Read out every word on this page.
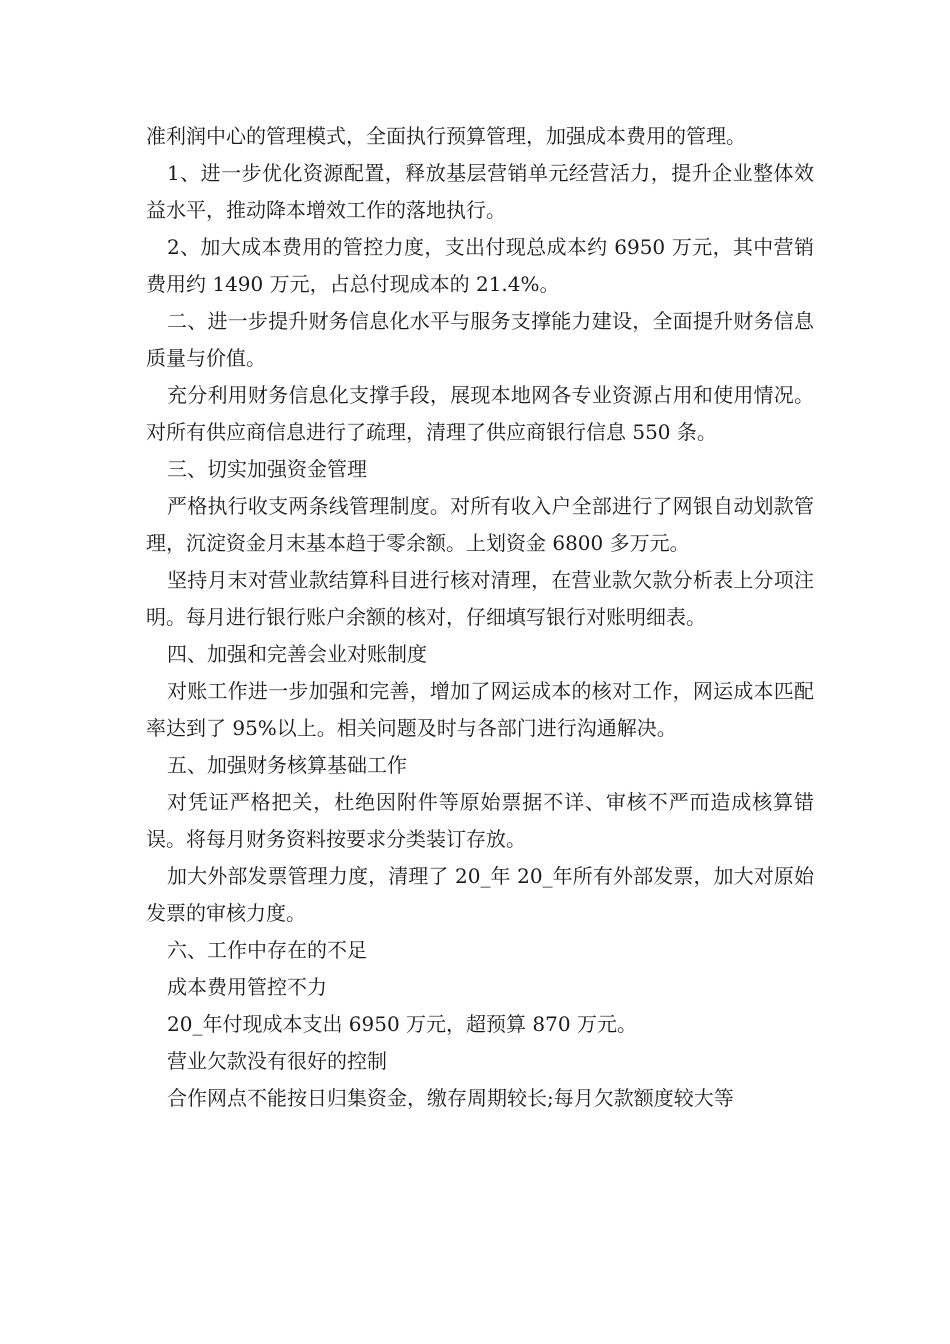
准利润中心的管理模式，全面执行预算管理，加强成本费用的管理。

1、进一步优化资源配置，释放基层营销单元经营活力，提升企业整体效益水平，推动降本增效工作的落地执行。

2、加大成本费用的管控力度，支出付现总成本约 6950 万元，其中营销费用约 1490 万元，占总付现成本的 21.4%。

二、进一步提升财务信息化水平与服务支撑能力建设，全面提升财务信息质量与价值。

充分利用财务信息化支撑手段，展现本地网各专业资源占用和使用情况。对所有供应商信息进行了疏理，清理了供应商银行信息 550 条。

三、切实加强资金管理

严格执行收支两条线管理制度。对所有收入户全部进行了网银自动划款管理，沉淀资金月末基本趋于零余额。上划资金 6800 多万元。

坚持月末对营业款结算科目进行核对清理，在营业款欠款分析表上分项注明。每月进行银行账户余额的核对，仔细填写银行对账明细表。

四、加强和完善会业对账制度

对账工作进一步加强和完善，增加了网运成本的核对工作，网运成本匹配率达到了 95%以上。相关问题及时与各部门进行沟通解决。

五、加强财务核算基础工作

对凭证严格把关，杜绝因附件等原始票据不详、审核不严而造成核算错误。将每月财务资料按要求分类装订存放。

加大外部发票管理力度，清理了 20_年 20_年所有外部发票，加大对原始发票的审核力度。

六、工作中存在的不足

成本费用管控不力

20_年付现成本支出 6950 万元，超预算 870 万元。

营业欠款没有很好的控制

合作网点不能按日归集资金，缴存周期较长;每月欠款额度较大等
